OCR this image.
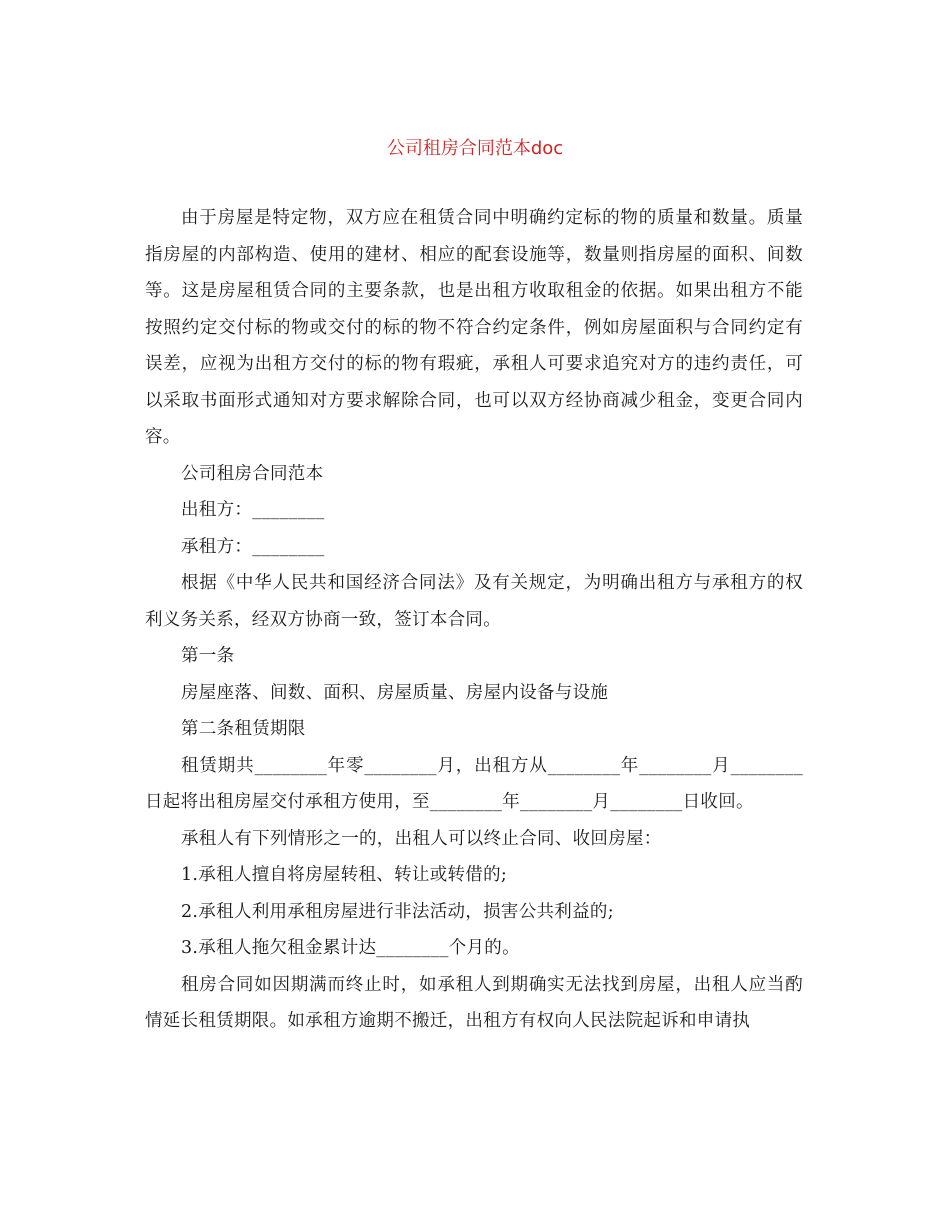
公司租房合同范本doc

由于房屋是特定物，双方应在租赁合同中明确约定标的物的质量和数量。质量指房屋的内部构造、使用的建材、相应的配套设施等，数量则指房屋的面积、间数等。这是房屋租赁合同的主要条款，也是出租方收取租金的依据。如果出租方不能按照约定交付标的物或交付的标的物不符合约定条件，例如房屋面积与合同约定有误差，应视为出租方交付的标的物有瑕疵，承租人可要求追究对方的违约责任，可以采取书面形式通知对方要求解除合同，也可以双方经协商减少租金，变更合同内容。

公司租房合同范本

出租方：________

承租方：________

根据《中华人民共和国经济合同法》及有关规定，为明确出租方与承租方的权利义务关系，经双方协商一致，签订本合同。

第一条

房屋座落、间数、面积、房屋质量、房屋内设备与设施

第二条租赁期限

租赁期共________年零________月，出租方从________年________月________日起将出租房屋交付承租方使用，至________年________月________日收回。

承租人有下列情形之一的，出租人可以终止合同、收回房屋：

1.承租人擅自将房屋转租、转让或转借的;

2.承租人利用承租房屋进行非法活动，损害公共利益的;

3.承租人拖欠租金累计达________个月的。

租房合同如因期满而终止时，如承租人到期确实无法找到房屋，出租人应当酌情延长租赁期限。如承租方逾期不搬迁，出租方有权向人民法院起诉和申请执
